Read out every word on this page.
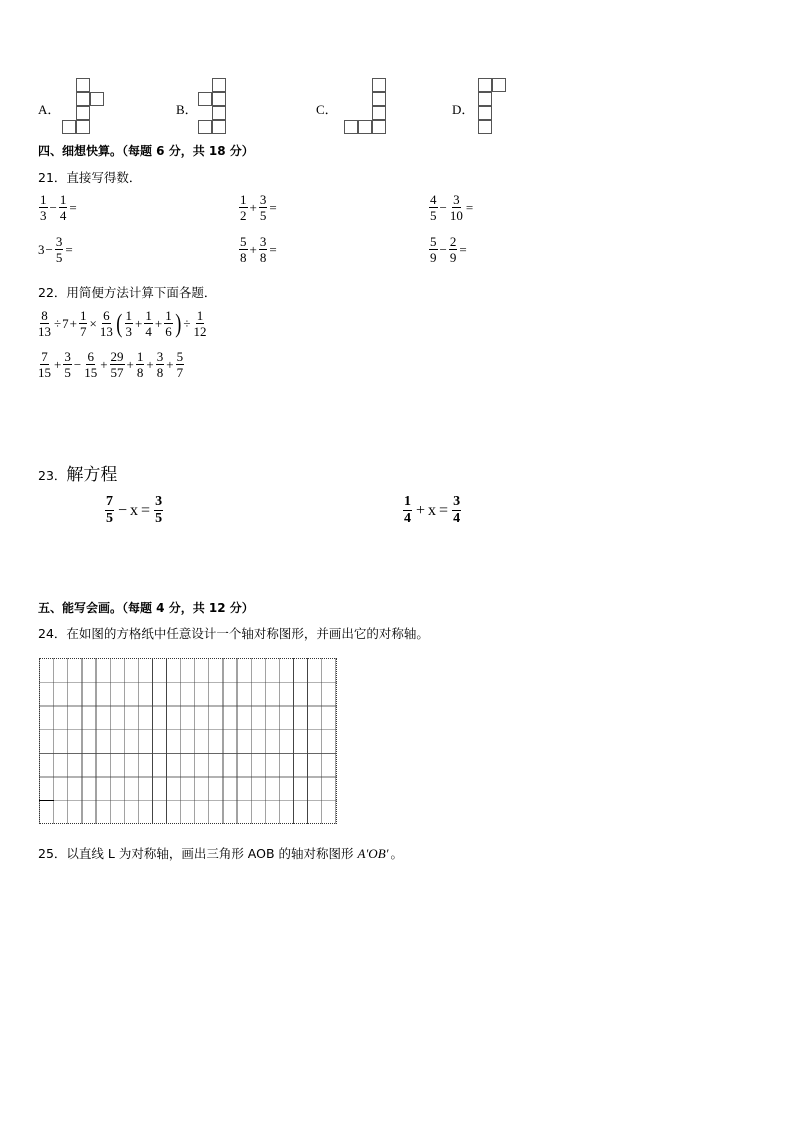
A．	B．	C．	D．
四、细想快算。（每题 6 分，共 18 分）
21．直接写得数．
$\frac{1}{3} - \frac{1}{4}$ =	$\frac{1}{2} + \frac{3}{5}$ =	$\frac{4}{5} - \frac{3}{10}$ =
$3 - \frac{3}{5}$ =	$\frac{5}{8} + \frac{3}{8}$ =	$\frac{5}{9} - \frac{2}{9}$ =
22．用简便方法计算下面各题．
$\frac{8}{13} \div 7 + \frac{1}{7} \times \frac{6}{13}$ ( $\frac{1}{3} + \frac{1}{4} + \frac{1}{6}$ ) ÷ $\frac{1}{12}$
$\frac{7}{15} + \frac{3}{5} - \frac{6}{15} + \frac{29}{57} + \frac{1}{8} + \frac{3}{8} + \frac{5}{7}$
23． 解方程
$\frac{7}{5} - x = \frac{3}{5}$	$\frac{1}{4} + x = \frac{3}{4}$
五、能写会画。（每题 4 分，共 12 分）
24．在如图的方格纸中任意设计一个轴对称图形，并画出它的对称轴。
25．以直线 L 为对称轴，画出三角形 AOB 的轴对称图形 A′OB′ 。
